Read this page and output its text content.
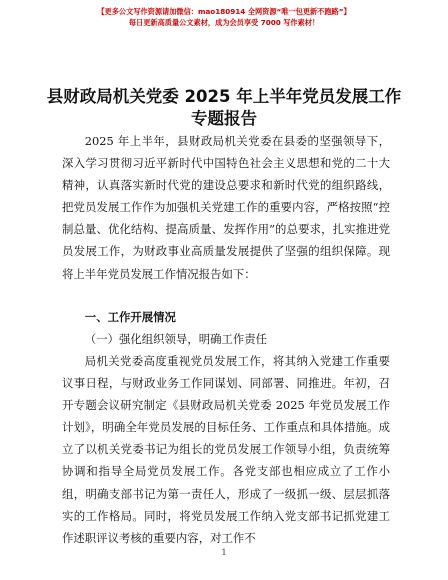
【更多公文写作资源请加微信：mao180914 全网资源“唯一包更新不跑路”】
每日更新高质量公文素材，成为会员享受 7000 写作素材！
县财政局机关党委 2025 年上半年党员发展工作
专题报告
2025 年上半年，县财政局机关党委在县委的坚强领导下，深入学习贯彻习近平新时代中国特色社会主义思想和党的二十大精神，认真落实新时代党的建设总要求和新时代党的组织路线，把党员发展工作作为加强机关党建工作的重要内容，严格按照“控制总量、优化结构、提高质量、发挥作用”的总要求，扎实推进党员发展工作，为财政事业高质量发展提供了坚强的组织保障。现将上半年党员发展工作情况报告如下：
一、工作开展情况
（一）强化组织领导，明确工作责任
局机关党委高度重视党员发展工作，将其纳入党建工作重要议事日程，与财政业务工作同谋划、同部署、同推进。年初，召开专题会议研究制定《县财政局机关党委 2025 年党员发展工作计划》，明确全年党员发展的目标任务、工作重点和具体措施。成立了以机关党委书记为组长的党员发展工作领导小组，负责统筹协调和指导全局党员发展工作。各党支部也相应成立了工作小组，明确支部书记为第一责任人，形成了一级抓一级、层层抓落实的工作格局。同时，将党员发展工作纳入党支部书记抓党建工作述职评议考核的重要内容，对工作不
1
